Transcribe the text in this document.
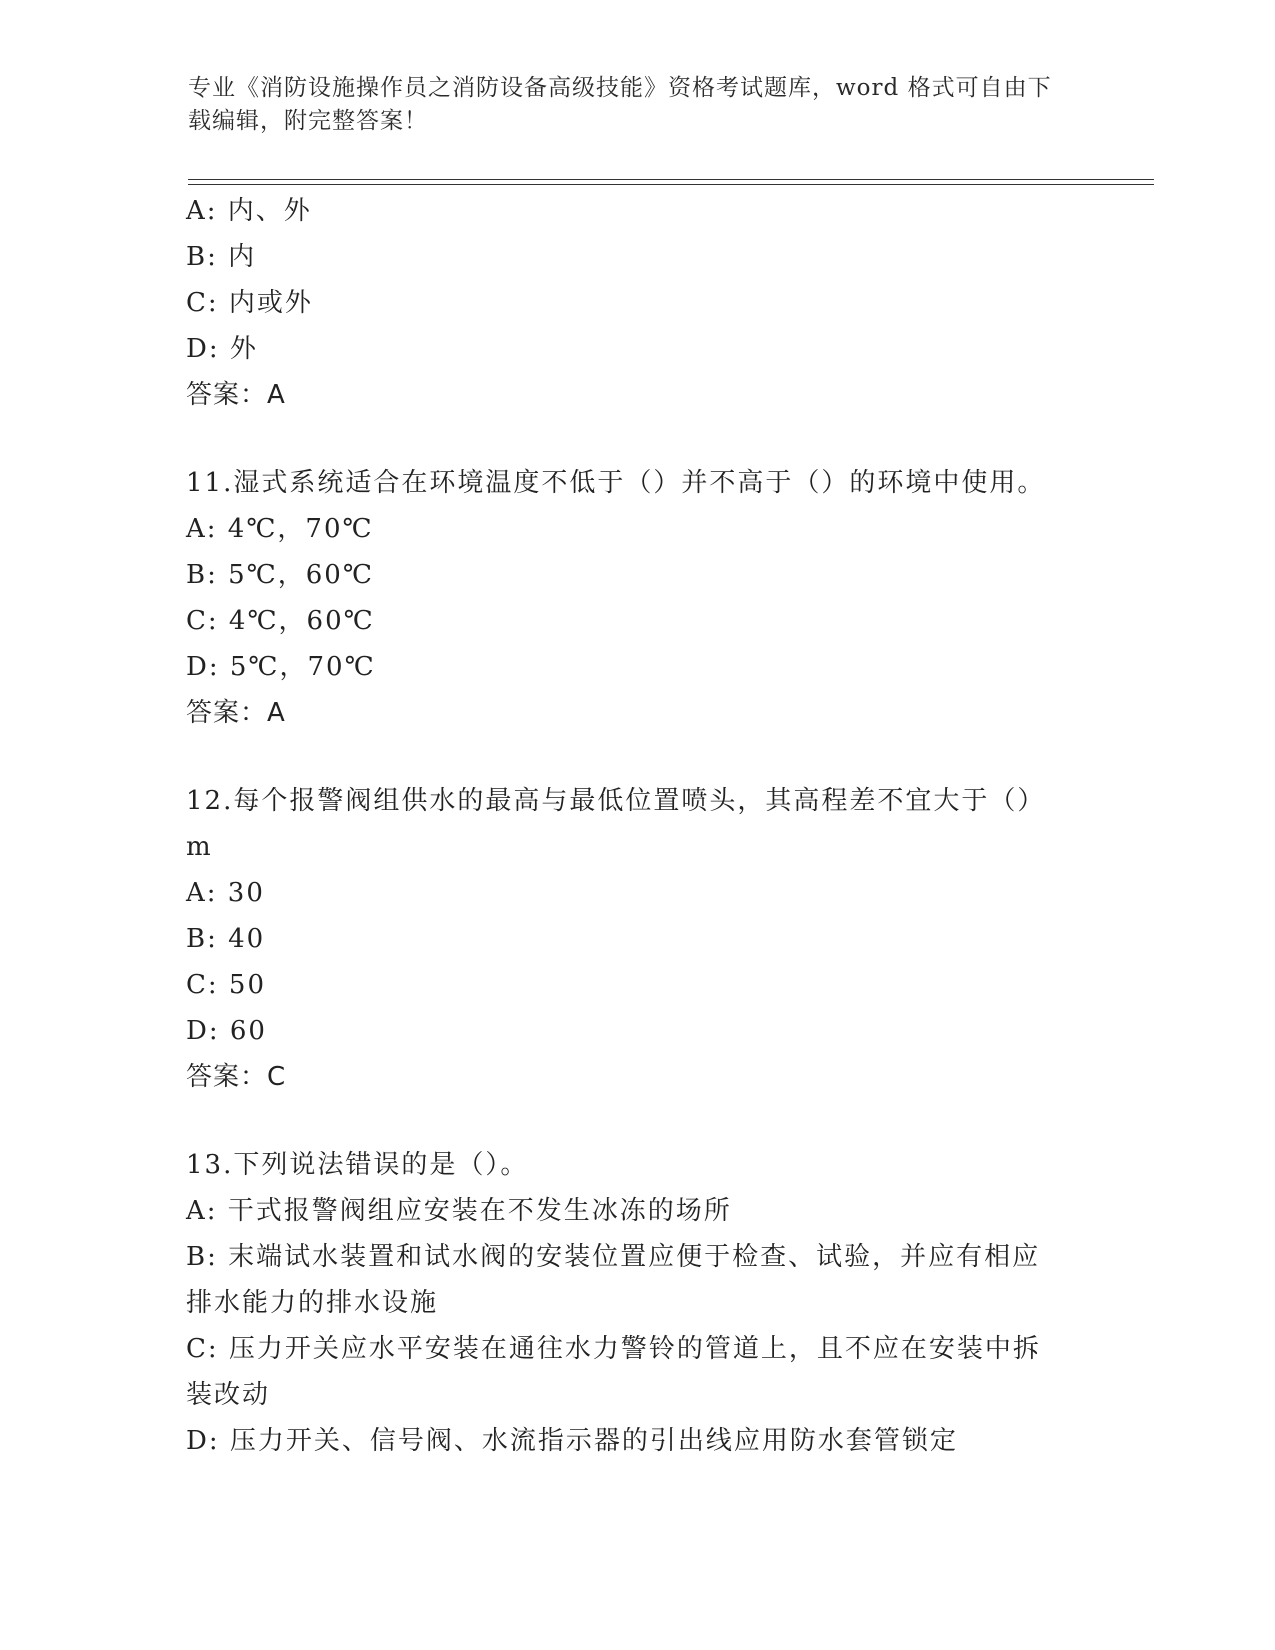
专业《消防设施操作员之消防设备高级技能》资格考试题库，word 格式可自由下载编辑，附完整答案！
A: 内、外
B: 内
C: 内或外
D: 外
答案：A
11.湿式系统适合在环境温度不低于（）并不高于（）的环境中使用。
A: 4℃，70℃
B: 5℃，60℃
C: 4℃，60℃
D: 5℃，70℃
答案：A
12.每个报警阀组供水的最高与最低位置喷头，其高程差不宜大于（）
m
A: 30
B: 40
C: 50
D: 60
答案：C
13.下列说法错误的是（）。
A: 干式报警阀组应安装在不发生冰冻的场所
B: 末端试水装置和试水阀的安装位置应便于检查、试验，并应有相应排水能力的排水设施
C: 压力开关应水平安装在通往水力警铃的管道上，且不应在安装中拆装改动
D: 压力开关、信号阀、水流指示器的引出线应用防水套管锁定
